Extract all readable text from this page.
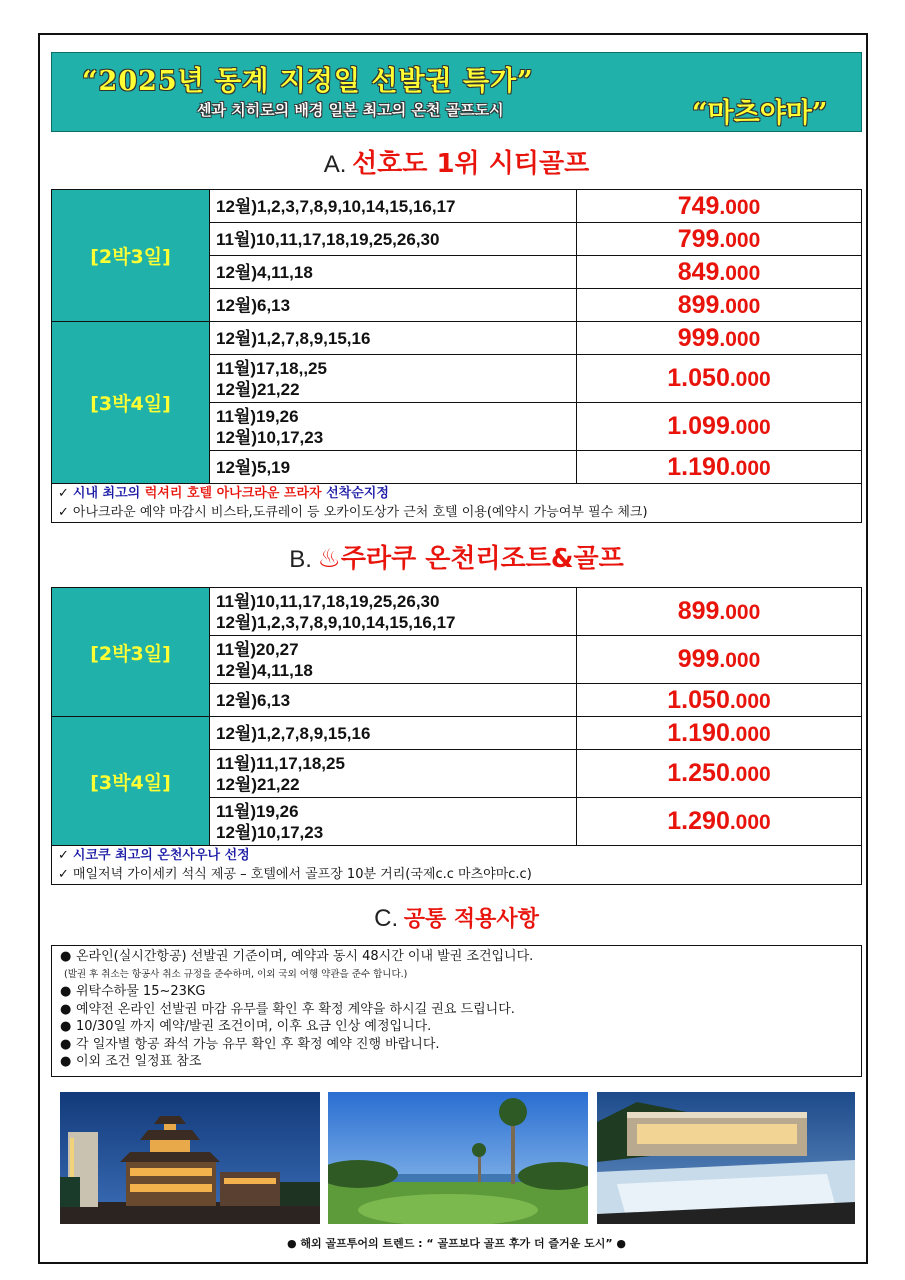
“2025년 동계 지정일 선발권 특가”
센과 치히로의 배경 일본 최고의 온천 골프도시	“마츠야마”
A. 선호도 1위 시티골프
[2박3일]	12월)1,2,3,7,8,9,10,14,15,16,17	749.000

	11월)10,11,17,18,19,25,26,30	799.000

	12월)4,11,18	849.000

	12월)6,13	899.000
[3박4일]	12월)1,2,7,8,9,15,16	999.000

	11월)17,18,,25
12월)21,22	1.050.000

	11월)19,26
12월)10,17,23	1.099.000

	12월)5,19	1.190.000

✓ 시내 최고의 럭셔리 호텔 아나크라운 프라자 선착순지정
✓ 아나크라운 예약 마감시 비스타,도큐레이 등 오카이도상가 근처 호텔 이용(예약시 가능여부 필수 체크)		
B. ♨주라쿠 온천리조트&골프
[2박3일]	11월)10,11,17,18,19,25,26,30
12월)1,2,3,7,8,9,10,14,15,16,17	899.000

	11월)20,27
12월)4,11,18	999.000

	12월)6,13	1.050.000
[3박4일]	12월)1,2,7,8,9,15,16	1.190.000

	11월)11,17,18,25
12월)21,22	1.250.000

	11월)19,26
12월)10,17,23	1.290.000

✓ 시코쿠 최고의 온천사우나 선정
✓ 매일저녁 가이세키 석식 제공 – 호텔에서 골프장 10분 거리(국제c.c 마츠야마c.c)		
C. 공통 적용사항
● 온라인(실시간항공) 선발권 기준이며, 예약과 동시 48시간 이내 발권 조건입니다.
(발권 후 취소는 항공사 취소 규정을 준수하며, 이외 국외 여행 약관을 준수 합니다.)
● 위탁수하물 15~23KG
● 예약전 온라인 선발권 마감 유무를 확인 후 확정 계약을 하시길 권요 드립니다.
● 10/30일 까지 예약/발권 조건이며, 이후 요금 인상 예정입니다.
● 각 일자별 항공 좌석 가능 유무 확인 후 확정 예약 진행 바랍니다.
● 이외 조건 일정표 참조
● 해외 골프투어의 트렌드 : “ 골프보다 골프 후가 더 즐거운 도시” ●
